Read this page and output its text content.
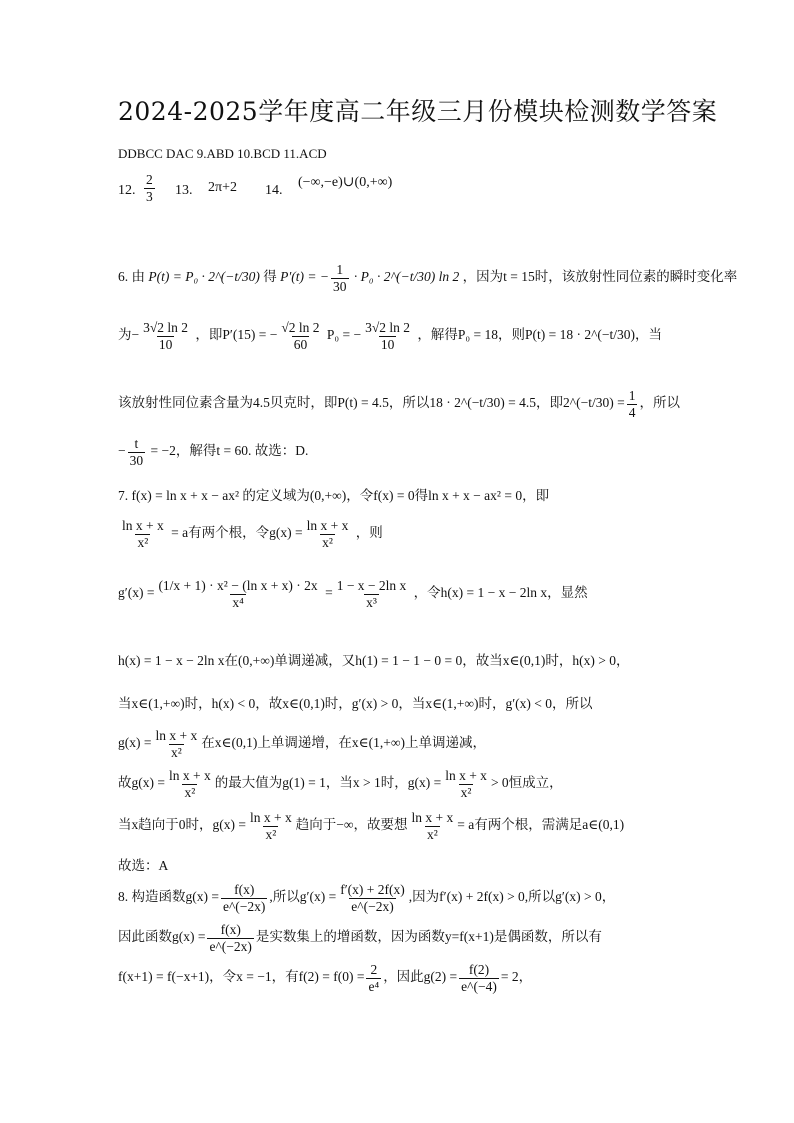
2024-2025学年度高二年级三月份模块检测数学答案
DDBCC DAC 9.ABD 10.BCD 11.ACD
12. $\frac{2}{3} 13$. 2π+2 14.
(−∞,−e)∪(0,+∞)
6. 由 P(t) = P₀ · 2^(−t/30) 得 P′(t) = − $\frac{1}{30} \cdot P_0$ · 2^(−t/30) ln 2 ，因为t = 15时，该放射性同位素的瞬时变化率
为− $\frac{3√2 \ln 2}{10}$ ，即P′(15) = − $\frac{√2 \ln 2}{60} P_0$ = − $\frac{3√2 \ln 2}{10}$ ，解得P₀ = 18，则P(t) = 18 · 2^(−t/30)，当
该放射性同位素含量为4.5贝克时，即P(t) = 4.5，所以18 · 2^(−t/30) = 4.5，即2^(−t/30) = $\frac{1}{4}$ ，所以
− $\frac{t}{30} = -2$，解得t = 60. 故选：D.
7. f(x) = ln x + x − ax² 的定义域为(0,+∞)，令f(x) = 0得ln x + x − ax² = 0，即
$\frac{\text{ln x + x}}{\text{x²}} = a$有两个根，令$g(x) = \frac{\text{ln x + x}}{\text{x²}}$ ，则
$g'(x) = \frac{\text{(1/x + 1) · x² − (ln x + x) · 2x}}{\text{x⁴}} = \frac{\text{1 − x − 2ln x}}{\text{x³}}$ ，令h(x) = 1 − x − 2ln x，显然
h(x) = 1 − x − 2ln x在(0,+∞)单调递减，又h(1) = 1 − 1 − 0 = 0，故当x∈(0,1)时，h(x) > 0，
当x∈(1,+∞)时，h(x) < 0，故x∈(0,1)时，g′(x) > 0，当x∈(1,+∞)时，g′(x) < 0，所以
$g(x) = \frac{\text{ln x + x}}{\text{x²}}$ 在x∈(0,1)上单调递增，在x∈(1,+∞)上单调递减，
故$g(x) = \frac{\text{ln x + x}}{\text{x²}}$ 的最大值为g(1) = 1，当x > 1时，$g(x) = \frac{\text{ln x + x}}{\text{x²}} > 0$恒成立，
当x趋向于0时，$g(x) = \frac{\text{ln x + x}}{\text{x²}}$ 趋向于−∞，故要想 $\frac{\text{ln x + x}}{\text{x²}} = a$有两个根，需满足a∈(0,1)
故选：A
8. 构造函数$g(x) = \frac{f(x)}{e\^{}(-2x)}$ ,所以$g'(x) = \frac{f'(x) + 2f(x)}{e\^{}(-2x)}$ ,因为f′(x) + 2f(x) > 0,所以g′(x) > 0，
因此函数$g(x) = \frac{f(x)}{e\^{}(-2x)}$ 是实数集上的增函数，因为函数y=f(x+1)是偶函数，所以有
f(x+1) = f(−x+1)，令x = −1，有$f(2) = f(0) = \frac{2}{\text{e⁴}}$ ，因此$g(2) = \frac{f(2)}{e\^{}(-4)} = 2$，
